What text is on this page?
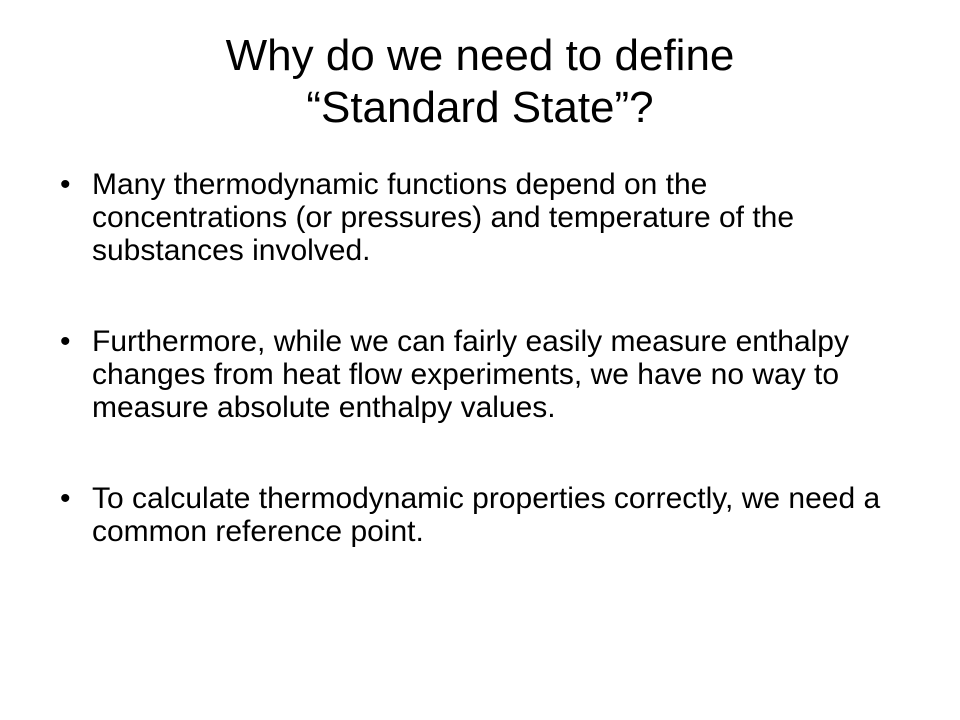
Why do we need to define
“Standard State”?
• Many thermodynamic functions depend on the concentrations (or pressures) and temperature of the substances involved.
• Furthermore, while we can fairly easily measure enthalpy changes from heat flow experiments, we have no way to measure absolute enthalpy values.
• To calculate thermodynamic properties correctly, we need a common reference point.
